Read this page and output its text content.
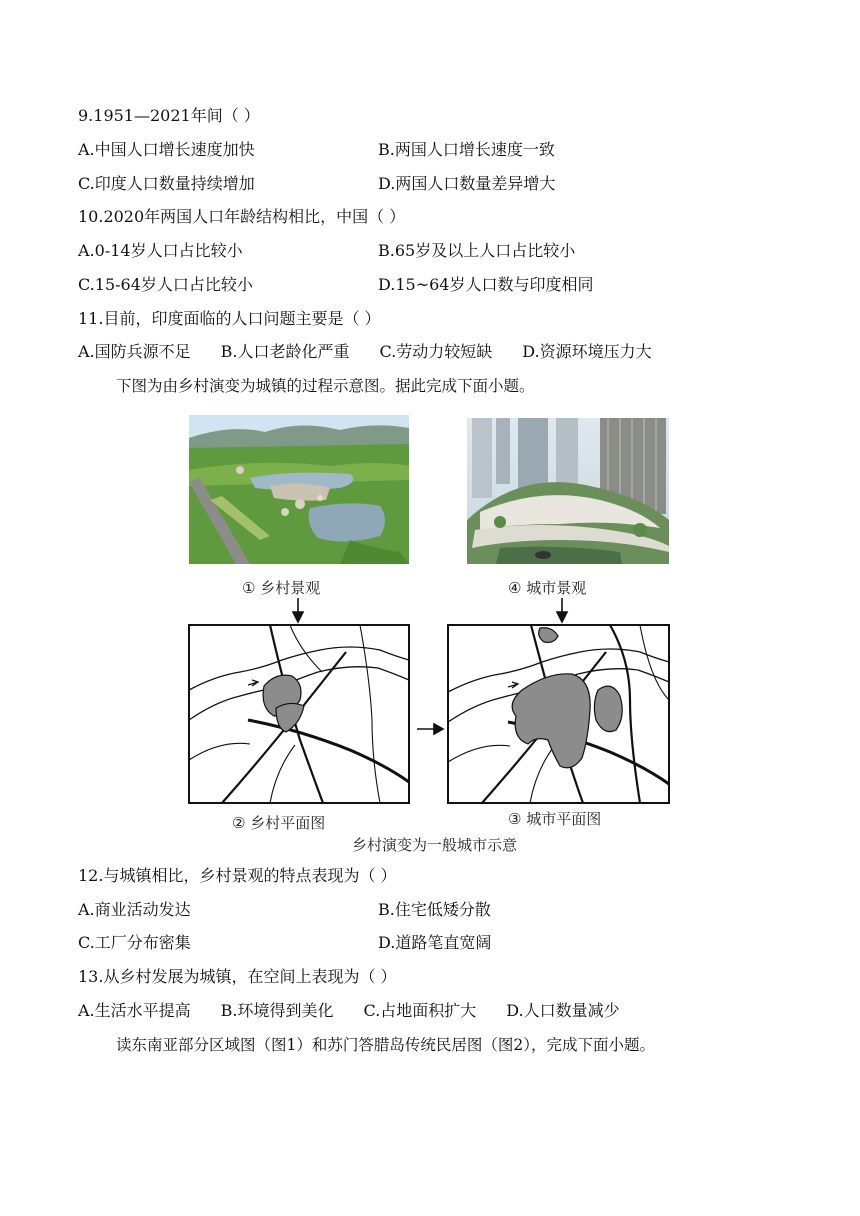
9.1951—2021年间（ ）
A.中国人口增长速度加快	B.两国人口增长速度一致
C.印度人口数量持续增加	D.两国人口数量差异增大
10.2020年两国人口年龄结构相比，中国（ ）
A.0-14岁人口占比较小	B.65岁及以上人口占比较小
C.15-64岁人口占比较小	D.15~64岁人口数与印度相同
11.目前，印度面临的人口问题主要是（ ）
A.国防兵源不足 B.人口老龄化严重 C.劳动力较短缺 D.资源环境压力大
下图为由乡村演变为城镇的过程示意图。据此完成下面小题。
① 乡村景观	④ 城市景观
② 乡村平面图	③ 城市平面图
乡村演变为一般城市示意
12.与城镇相比，乡村景观的特点表现为（ ）
A.商业活动发达	B.住宅低矮分散
C.工厂分布密集	D.道路笔直宽阔
13.从乡村发展为城镇，在空间上表现为（ ）
A.生活水平提高 B.环境得到美化 C.占地面积扩大 D.人口数量减少
读东南亚部分区域图（图1）和苏门答腊岛传统民居图（图2），完成下面小题。
